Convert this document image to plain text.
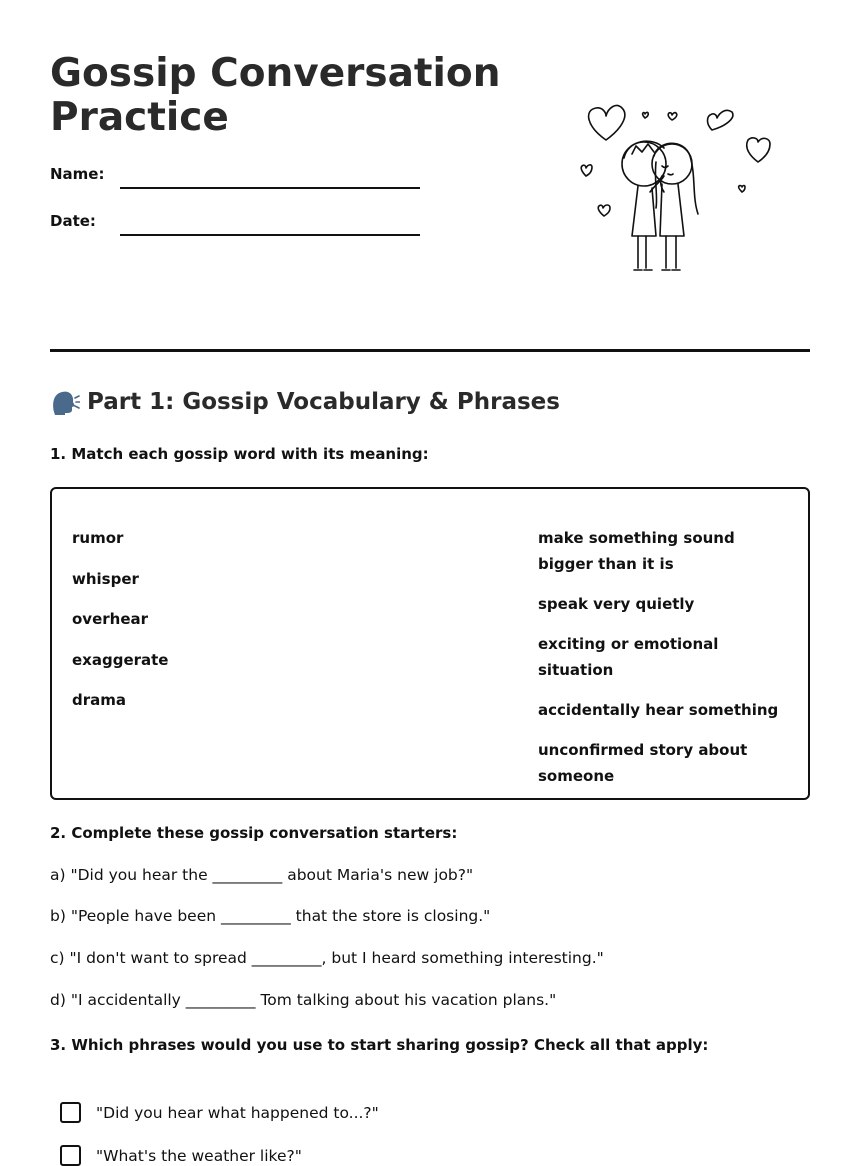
Gossip Conversation
Practice
Name:
Date:
Part 1: Gossip Vocabulary & Phrases
1. Match each gossip word with its meaning:
rumor
whisper
overhear
exaggerate
drama
make something sound bigger than it is
speak very quietly
exciting or emotional situation
accidentally hear something
unconfirmed story about someone
2. Complete these gossip conversation starters:
a) "Did you hear the _________ about Maria's new job?"
b) "People have been _________ that the store is closing."
c) "I don't want to spread _________, but I heard something interesting."
d) "I accidentally _________ Tom talking about his vacation plans."
3. Which phrases would you use to start sharing gossip? Check all that apply:
"Did you hear what happened to...?"
"What's the weather like?"
